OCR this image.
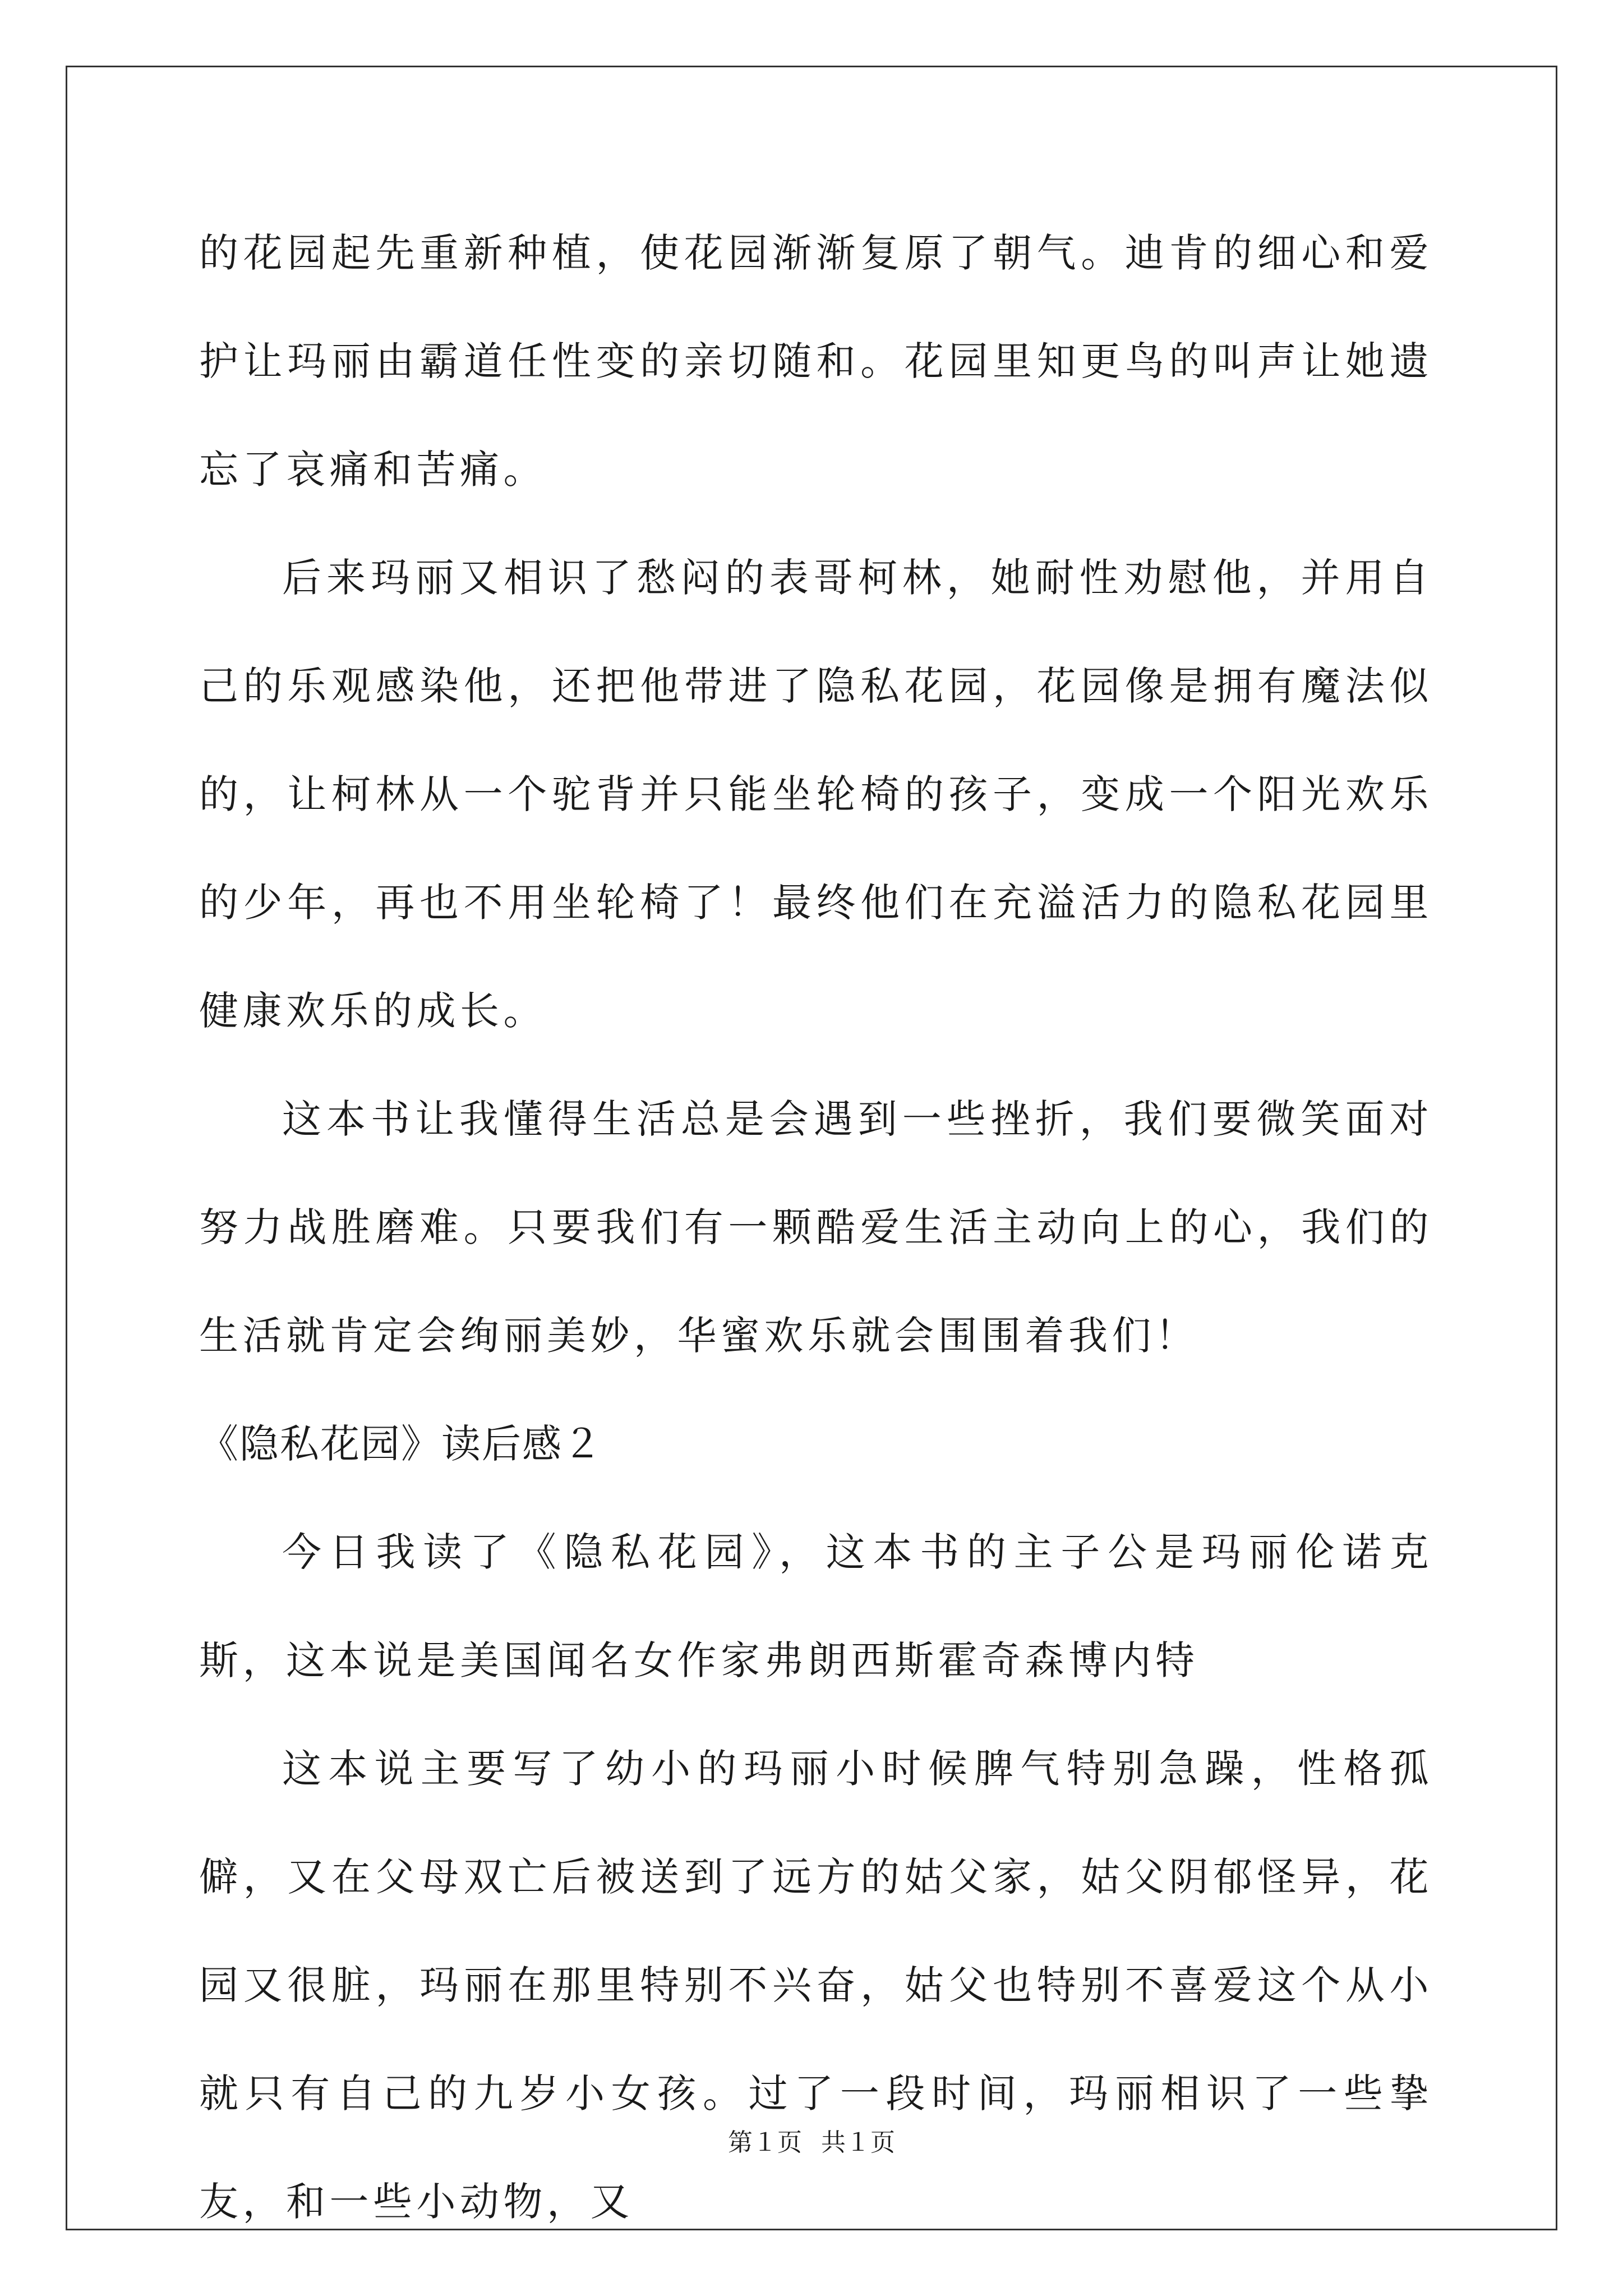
的花园起先重新种植，使花园渐渐复原了朝气。迪肯的细心和爱护让玛丽由霸道任性变的亲切随和。花园里知更鸟的叫声让她遗忘了哀痛和苦痛。

后来玛丽又相识了愁闷的表哥柯林，她耐性劝慰他，并用自己的乐观感染他，还把他带进了隐私花园，花园像是拥有魔法似的，让柯林从一个驼背并只能坐轮椅的孩子，变成一个阳光欢乐的少年，再也不用坐轮椅了！最终他们在充溢活力的隐私花园里健康欢乐的成长。

这本书让我懂得生活总是会遇到一些挫折，我们要微笑面对努力战胜磨难。只要我们有一颗酷爱生活主动向上的心，我们的生活就肯定会绚丽美妙，华蜜欢乐就会围围着我们！

《隐私花园》读后感２

今日我读了《隐私花园》，这本书的主子公是玛丽伦诺克斯，这本说是美国闻名女作家弗朗西斯霍奇森博内特

这本说主要写了幼小的玛丽小时候脾气特别急躁，性格孤僻，又在父母双亡后被送到了远方的姑父家，姑父阴郁怪异，花园又很脏，玛丽在那里特别不兴奋，姑父也特别不喜爱这个从小就只有自己的九岁小女孩。过了一段时间，玛丽相识了一些挚友，和一些小动物，又

第１页 共１页
